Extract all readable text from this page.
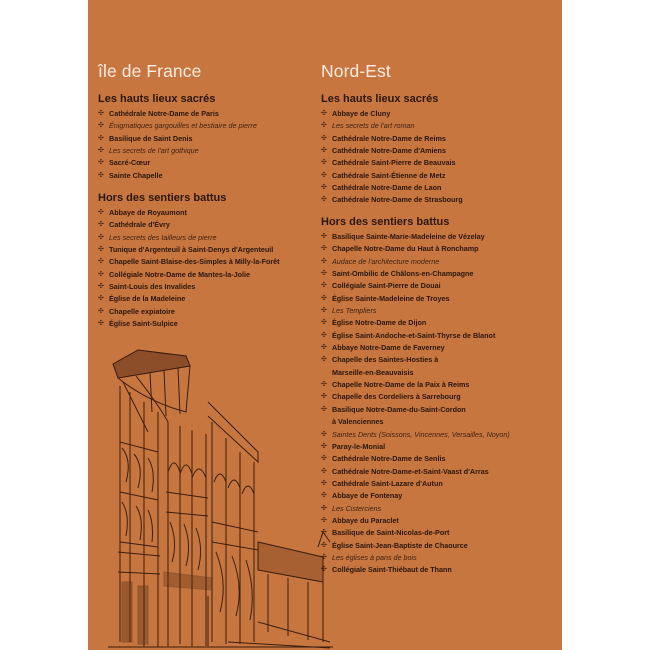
île de France
Les hauts lieux sacrés
✣ Cathédrale Notre-Dame de Paris
✣ Énigmatiques gargouilles et bestiaire de pierre
✣ Basilique de Saint Denis
✣ Les secrets de l'art gothique
✣ Sacré-Cœur
✣ Sainte Chapelle
Hors des sentiers battus
✣ Abbaye de Royaumont
✣ Cathédrale d'Évry
✣ Les secrets des tailleurs de pierre
✣ Tunique d'Argenteuil à Saint-Denys d'Argenteuil
✣ Chapelle Saint-Blaise-des-Simples à Milly-la-Forêt
✣ Collégiale Notre-Dame de Mantes-la-Jolie
✣ Saint-Louis des Invalides
✣ Église de la Madeleine
✣ Chapelle expiatoire
✣ Église Saint-Sulpice
Nord-Est
Les hauts lieux sacrés
✣ Abbaye de Cluny
✣ Les secrets de l'art roman
✣ Cathédrale Notre-Dame de Reims
✣ Cathédrale Notre-Dame d'Amiens
✣ Cathédrale Saint-Pierre de Beauvais
✣ Cathédrale Saint-Étienne de Metz
✣ Cathédrale Notre-Dame de Laon
✣ Cathédrale Notre-Dame de Strasbourg
Hors des sentiers battus
✣ Basilique Sainte-Marie-Madeleine de Vézelay
✣ Chapelle Notre-Dame du Haut à Ronchamp
✣ Audace de l'architecture moderne
✣ Saint-Ombilic de Châlons-en-Champagne
✣ Collégiale Saint-Pierre de Douai
✣ Église Sainte-Madeleine de Troyes
✣ Les Templiers
✣ Église Notre-Dame de Dijon
✣ Église Saint-Andoche-et-Saint-Thyrse de Blanot
✣ Abbaye Notre-Dame de Faverney
✣ Chapelle des Saintes-Hosties à
Marseille-en-Beauvaisis
✣ Chapelle Notre-Dame de la Paix à Reims
✣ Chapelle des Cordeliers à Sarrebourg
✣ Basilique Notre-Dame-du-Saint-Cordon
à Valenciennes
✣ Saintes Dents (Soissons, Vincennes, Versailles, Noyon)
✣ Paray-le-Monial
✣ Cathédrale Notre-Dame de Senlis
✣ Cathédrale Notre-Dame-et-Saint-Vaast d'Arras
✣ Cathédrale Saint-Lazare d'Autun
✣ Abbaye de Fontenay
✣ Les Cisterciens
✣ Abbaye du Paraclet
✣ Basilique de Saint-Nicolas-de-Port
✣ Église Saint-Jean-Baptiste de Chaource
✣ Les églises à pans de bois
✣ Collégiale Saint-Thiébaut de Thann
